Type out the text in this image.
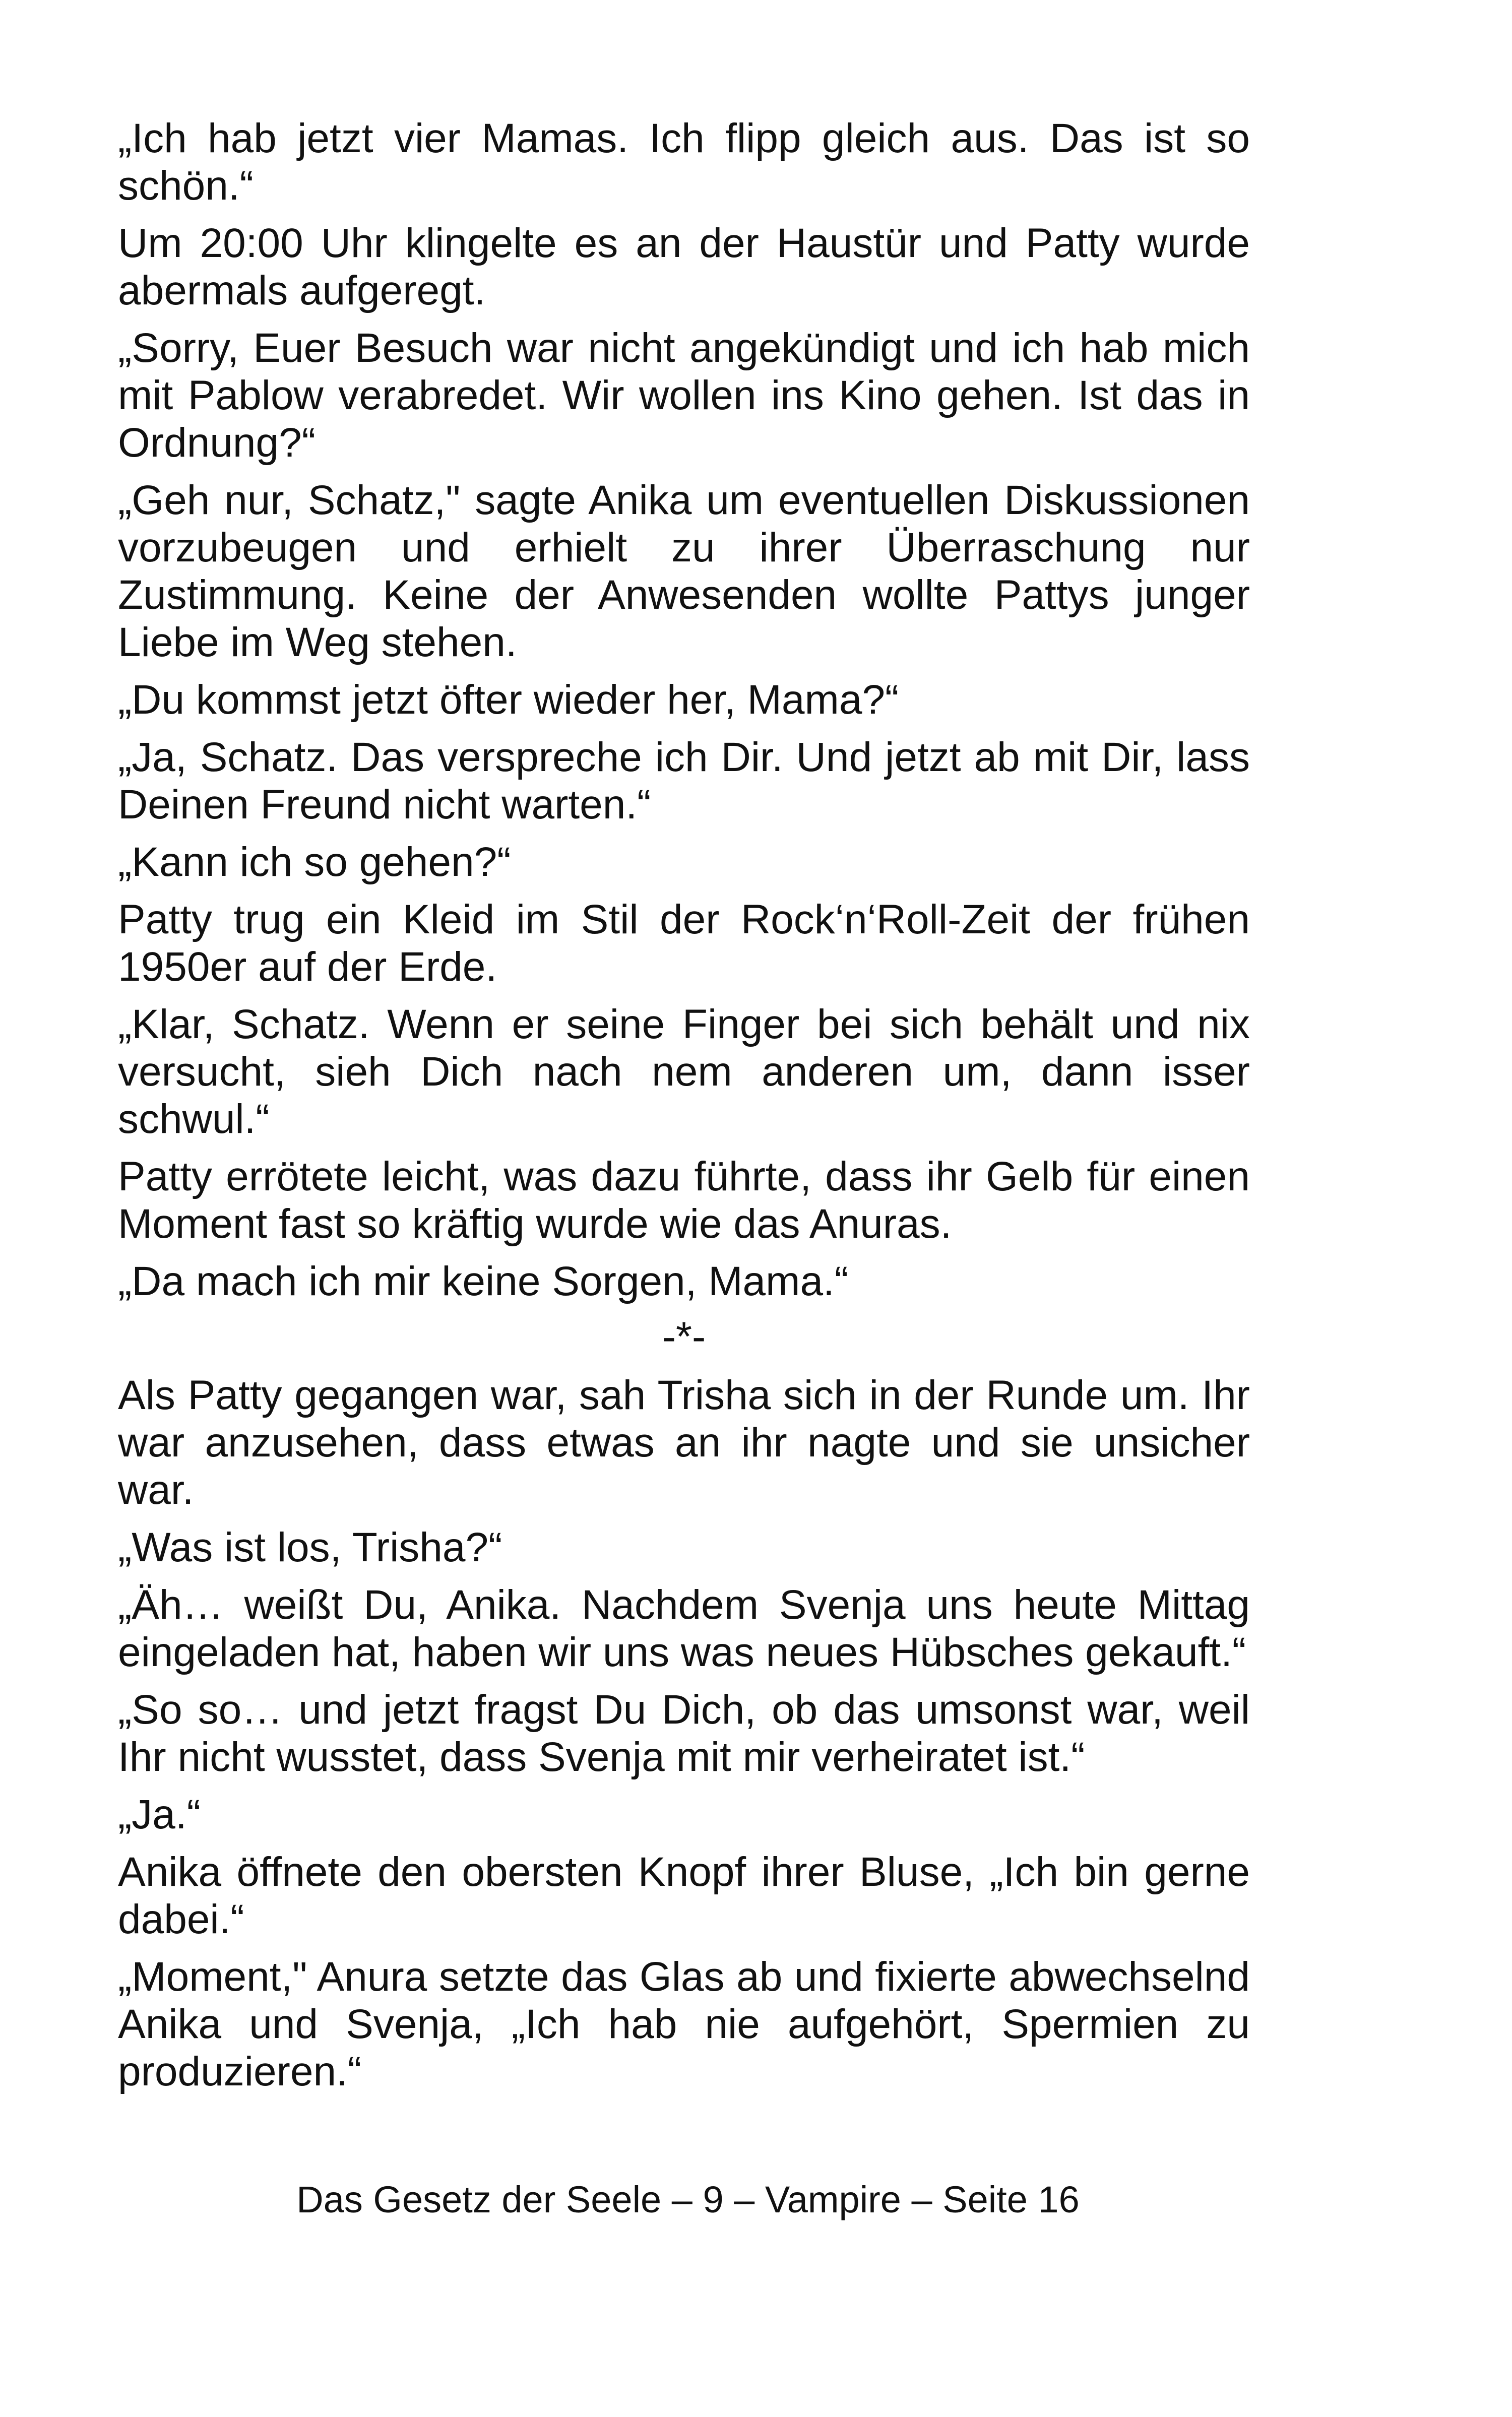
„Ich hab jetzt vier Mamas. Ich flipp gleich aus. Das ist so schön.“

Um 20:00 Uhr klingelte es an der Haustür und Patty wurde abermals aufgeregt.

„Sorry, Euer Besuch war nicht angekündigt und ich hab mich mit Pablow verabredet. Wir wollen ins Kino gehen. Ist das in Ordnung?“

„Geh nur, Schatz," sagte Anika um eventuellen Diskussionen vorzubeugen und erhielt zu ihrer Überraschung nur Zustimmung. Keine der Anwesenden wollte Pattys junger Liebe im Weg stehen.

„Du kommst jetzt öfter wieder her, Mama?“

„Ja, Schatz. Das verspreche ich Dir. Und jetzt ab mit Dir, lass Deinen Freund nicht warten.“

„Kann ich so gehen?“

Patty trug ein Kleid im Stil der Rock‘n‘Roll-Zeit der frühen 1950er auf der Erde.

„Klar, Schatz. Wenn er seine Finger bei sich behält und nix versucht, sieh Dich nach nem anderen um, dann isser schwul.“

Patty errötete leicht, was dazu führte, dass ihr Gelb für einen Moment fast so kräftig wurde wie das Anuras.

„Da mach ich mir keine Sorgen, Mama.“

-*-

Als Patty gegangen war, sah Trisha sich in der Runde um. Ihr war anzusehen, dass etwas an ihr nagte und sie unsicher war.

„Was ist los, Trisha?“

„Äh… weißt Du, Anika. Nachdem Svenja uns heute Mittag eingeladen hat, haben wir uns was neues Hübsches gekauft.“

„So so… und jetzt fragst Du Dich, ob das umsonst war, weil Ihr nicht wusstet, dass Svenja mit mir verheiratet ist.“

„Ja.“

Anika öffnete den obersten Knopf ihrer Bluse, „Ich bin gerne dabei.“

„Moment," Anura setzte das Glas ab und fixierte abwechselnd Anika und Svenja, „Ich hab nie aufgehört, Spermien zu produzieren.“

Das Gesetz der Seele – 9 – Vampire – Seite 16
